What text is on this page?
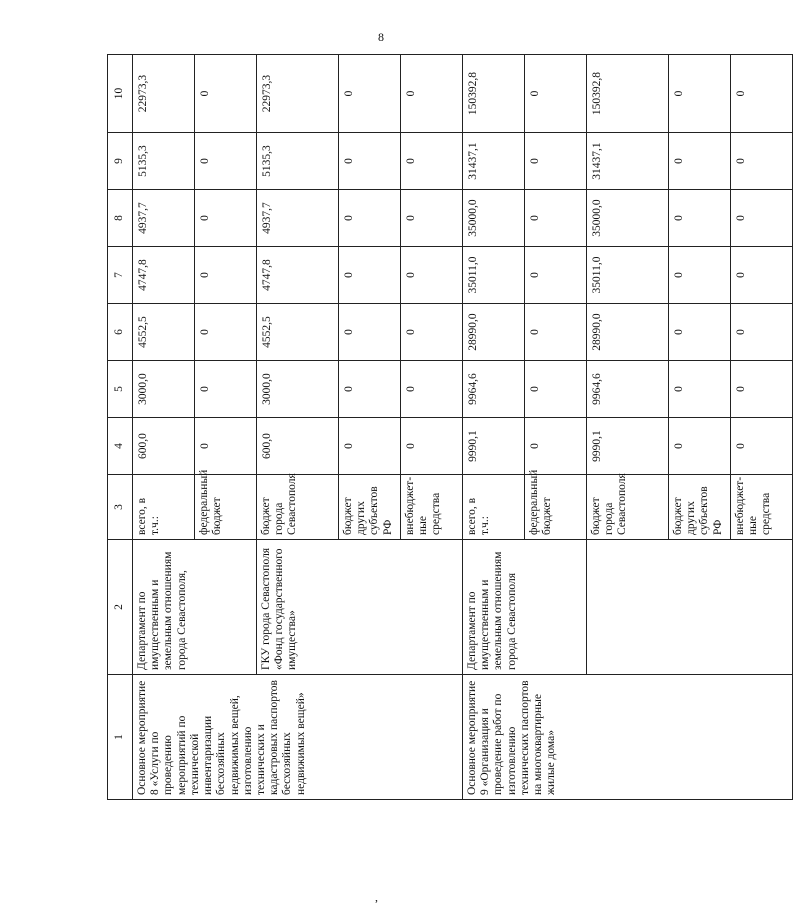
8
1	2	3	4	5	6	7	8	9	10
Основное мероприятие 8 «Услуги по проведению мероприятий по технической инвентаризации бесхозяйных недвижимых вещей, изготовлению технических и кадастровых паспортов бесхозяйных недвижимых вещей»	Департамент по имущественным и земельным отношениям города Севастополя,	всего, в т.ч.:	600,0	3000,0	4552,5	4747,8	4937,7	5135,3	22973,3
		федеральный бюджет	0	0	0	0	0	0	0
	ГКУ города Севастополя «Фонд государственного имущества»	бюджет города Севастополя	600,0	3000,0	4552,5	4747,8	4937,7	5135,3	22973,3
		бюджет других субъектов РФ	0	0	0	0	0	0	0
		внебюджет-ные средства	0	0	0	0	0	0	0
Основное мероприятие 9 «Организация и проведение работ по изготовлению технических паспортов на многоквартирные жилые дома»	Департамент по имущественным и земельным отношениям города Севастополя	всего, в т.ч.:	9990,1	9964,6	28990,0	35011,0	35000,0	31437,1	150392,8
		федеральный бюджет	0	0	0	0	0	0	0
		бюджет города Севастополя	9990,1	9964,6	28990,0	35011,0	35000,0	31437,1	150392,8
		бюджет других субъектов РФ	0	0	0	0	0	0	0
		внебюджет-ные средства	0	0	0	0	0	0	0
,
